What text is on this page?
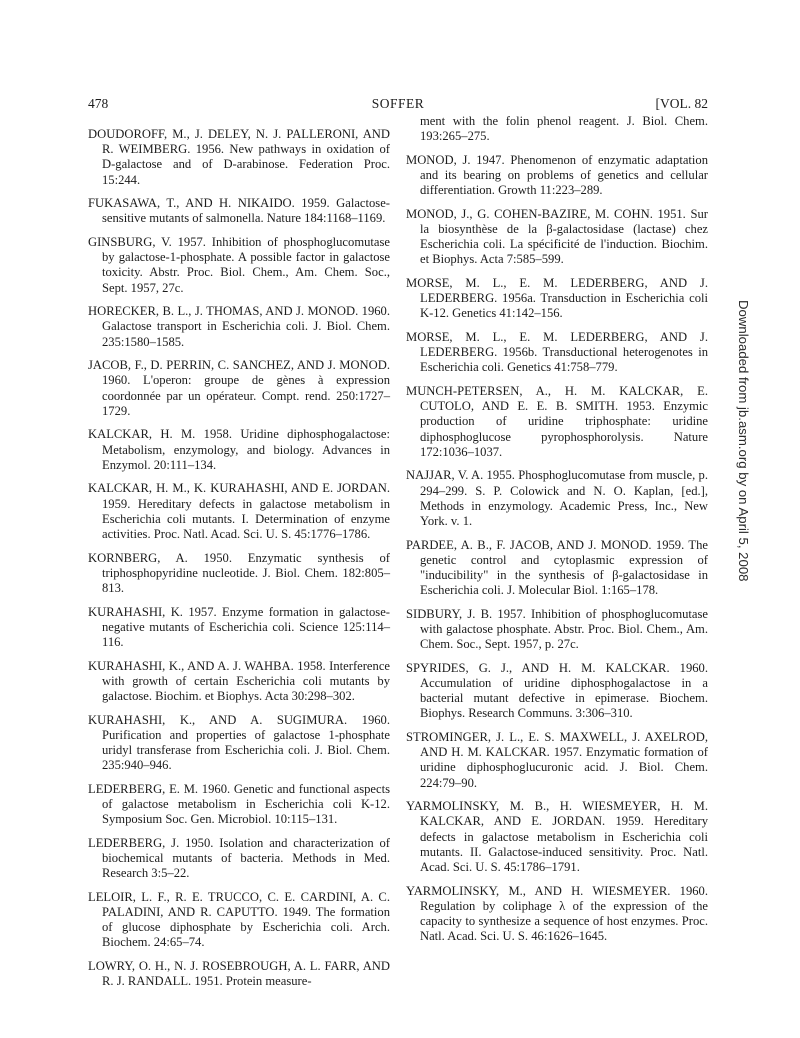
478	SOFFER	[VOL. 82

DOUDOROFF, M., J. DELEY, N. J. PALLERONI, AND R. WEIMBERG. 1956. New pathways in oxidation of D-galactose and of D-arabinose. Federation Proc. 15:244.

FUKASAWA, T., AND H. NIKAIDO. 1959. Galactose-sensitive mutants of salmonella. Nature 184:1168–1169.

GINSBURG, V. 1957. Inhibition of phosphoglucomutase by galactose-1-phosphate. A possible factor in galactose toxicity. Abstr. Proc. Biol. Chem., Am. Chem. Soc., Sept. 1957, 27c.

HORECKER, B. L., J. THOMAS, AND J. MONOD. 1960. Galactose transport in Escherichia coli. J. Biol. Chem. 235:1580–1585.

JACOB, F., D. PERRIN, C. SANCHEZ, AND J. MONOD. 1960. L'operon: groupe de gènes à expression coordonnée par un opérateur. Compt. rend. 250:1727–1729.

KALCKAR, H. M. 1958. Uridine diphosphogalactose: Metabolism, enzymology, and biology. Advances in Enzymol. 20:111–134.

KALCKAR, H. M., K. KURAHASHI, AND E. JORDAN. 1959. Hereditary defects in galactose metabolism in Escherichia coli mutants. I. Determination of enzyme activities. Proc. Natl. Acad. Sci. U. S. 45:1776–1786.

KORNBERG, A. 1950. Enzymatic synthesis of triphosphopyridine nucleotide. J. Biol. Chem. 182:805–813.

KURAHASHI, K. 1957. Enzyme formation in galactose-negative mutants of Escherichia coli. Science 125:114–116.

KURAHASHI, K., AND A. J. WAHBA. 1958. Interference with growth of certain Escherichia coli mutants by galactose. Biochim. et Biophys. Acta 30:298–302.

KURAHASHI, K., AND A. SUGIMURA. 1960. Purification and properties of galactose 1-phosphate uridyl transferase from Escherichia coli. J. Biol. Chem. 235:940–946.

LEDERBERG, E. M. 1960. Genetic and functional aspects of galactose metabolism in Escherichia coli K-12. Symposium Soc. Gen. Microbiol. 10:115–131.

LEDERBERG, J. 1950. Isolation and characterization of biochemical mutants of bacteria. Methods in Med. Research 3:5–22.

LELOIR, L. F., R. E. TRUCCO, C. E. CARDINI, A. C. PALADINI, AND R. CAPUTTO. 1949. The formation of glucose diphosphate by Escherichia coli. Arch. Biochem. 24:65–74.

LOWRY, O. H., N. J. ROSEBROUGH, A. L. FARR, AND R. J. RANDALL. 1951. Protein measure-

ment with the folin phenol reagent. J. Biol. Chem. 193:265–275.

MONOD, J. 1947. Phenomenon of enzymatic adaptation and its bearing on problems of genetics and cellular differentiation. Growth 11:223–289.

MONOD, J., G. COHEN-BAZIRE, M. COHN. 1951. Sur la biosynthèse de la β-galactosidase (lactase) chez Escherichia coli. La spécificité de l'induction. Biochim. et Biophys. Acta 7:585–599.

MORSE, M. L., E. M. LEDERBERG, AND J. LEDERBERG. 1956a. Transduction in Escherichia coli K-12. Genetics 41:142–156.

MORSE, M. L., E. M. LEDERBERG, AND J. LEDERBERG. 1956b. Transductional heterogenotes in Escherichia coli. Genetics 41:758–779.

MUNCH-PETERSEN, A., H. M. KALCKAR, E. CUTOLO, AND E. E. B. SMITH. 1953. Enzymic production of uridine triphosphate: uridine diphosphoglucose pyrophosphorolysis. Nature 172:1036–1037.

NAJJAR, V. A. 1955. Phosphoglucomutase from muscle, p. 294–299. S. P. Colowick and N. O. Kaplan, [ed.], Methods in enzymology. Academic Press, Inc., New York. v. 1.

PARDEE, A. B., F. JACOB, AND J. MONOD. 1959. The genetic control and cytoplasmic expression of "inducibility" in the synthesis of β-galactosidase in Escherichia coli. J. Molecular Biol. 1:165–178.

SIDBURY, J. B. 1957. Inhibition of phosphoglucomutase with galactose phosphate. Abstr. Proc. Biol. Chem., Am. Chem. Soc., Sept. 1957, p. 27c.

SPYRIDES, G. J., AND H. M. KALCKAR. 1960. Accumulation of uridine diphosphogalactose in a bacterial mutant defective in epimerase. Biochem. Biophys. Research Communs. 3:306–310.

STROMINGER, J. L., E. S. MAXWELL, J. AXELROD, AND H. M. KALCKAR. 1957. Enzymatic formation of uridine diphosphoglucuronic acid. J. Biol. Chem. 224:79–90.

YARMOLINSKY, M. B., H. WIESMEYER, H. M. KALCKAR, AND E. JORDAN. 1959. Hereditary defects in galactose metabolism in Escherichia coli mutants. II. Galactose-induced sensitivity. Proc. Natl. Acad. Sci. U. S. 45:1786–1791.

YARMOLINSKY, M., AND H. WIESMEYER. 1960. Regulation by coliphage λ of the expression of the capacity to synthesize a sequence of host enzymes. Proc. Natl. Acad. Sci. U. S. 46:1626–1645.

Downloaded from jb.asm.org by on April 5, 2008
